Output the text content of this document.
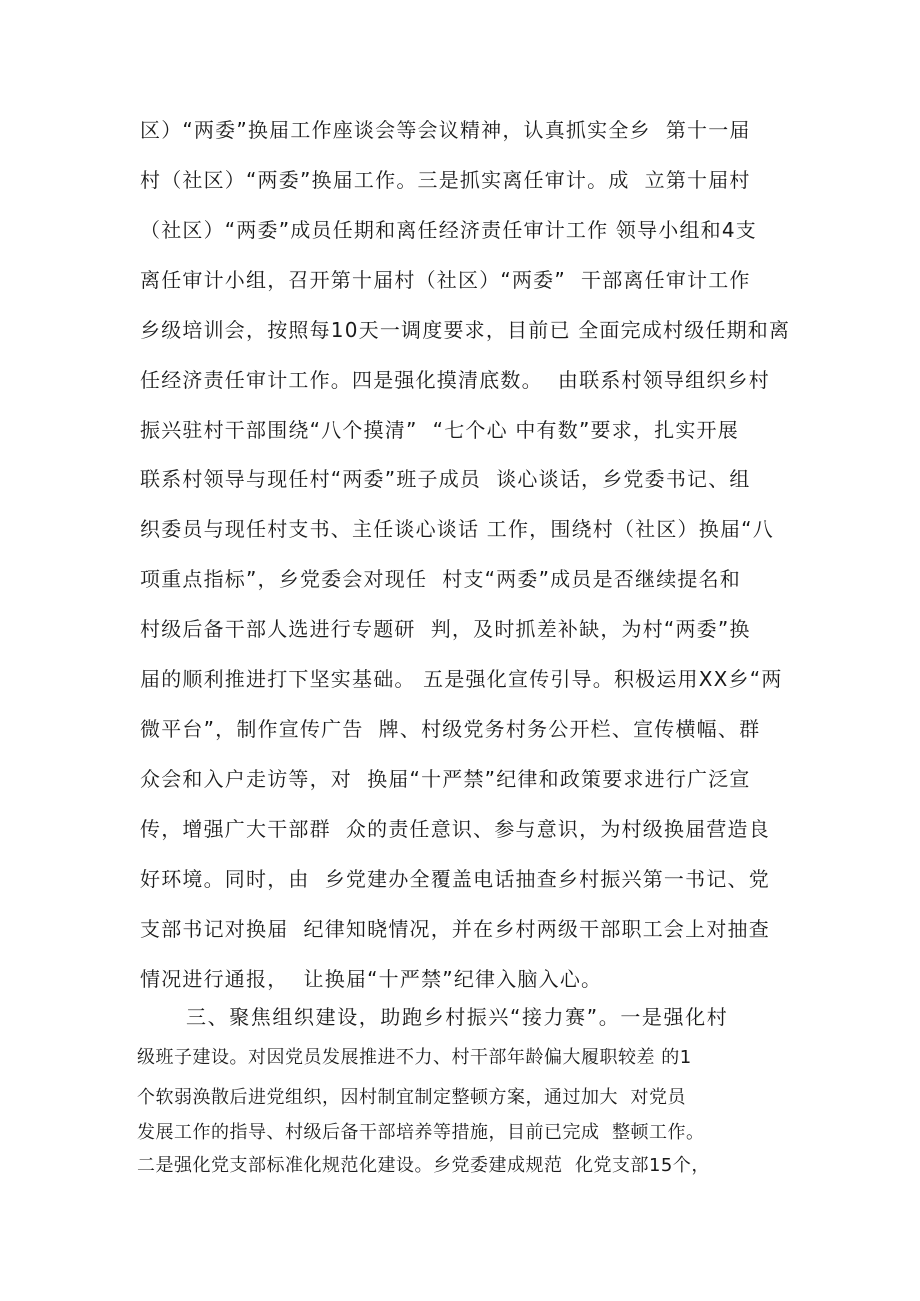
区）“两委”换届工作座谈会等会议精神，认真抓实全乡  第十一届
村（社区）“两委”换届工作。三是抓实离任审计。成  立第十届村
（社区）“两委”成员任期和离任经济责任审计工作 领导小组和4支
离任审计小组，召开第十届村（社区）“两委”  干部离任审计工作
乡级培训会，按照每10天一调度要求，目前已 全面完成村级任期和离
任经济责任审计工作。四是强化摸清底数。  由联系村领导组织乡村
振兴驻村干部围绕“八个摸清”  “七个心 中有数”要求，扎实开展
联系村领导与现任村“两委”班子成员  谈心谈话，乡党委书记、组
织委员与现任村支书、主任谈心谈话 工作，围绕村（社区）换届“八
项重点指标”，乡党委会对现任  村支“两委”成员是否继续提名和
村级后备干部人选进行专题研  判，及时抓差补缺，为村“两委”换
届的顺利推进打下坚实基础。 五是强化宣传引导。积极运用XX乡“两
微平台”，制作宣传广告  牌、村级党务村务公开栏、宣传横幅、群
众会和入户走访等，对  换届“十严禁”纪律和政策要求进行广泛宣
传，增强广大干部群  众的责任意识、参与意识，为村级换届营造良
好环境。同时，由  乡党建办全覆盖电话抽查乡村振兴第一书记、党
支部书记对换届  纪律知晓情况，并在乡村两级干部职工会上对抽查
情况进行通报，  让换届“十严禁”纪律入脑入心。
三、聚焦组织建设，助跑乡村振兴“接力赛”。一是强化村
级班子建设。对因党员发展推进不力、村干部年龄偏大履职较差 的1
个软弱涣散后进党组织，因村制宜制定整顿方案，通过加大  对党员
发展工作的指导、村级后备干部培养等措施，目前已完成  整顿工作。
二是强化党支部标准化规范化建设。乡党委建成规范  化党支部15个，
